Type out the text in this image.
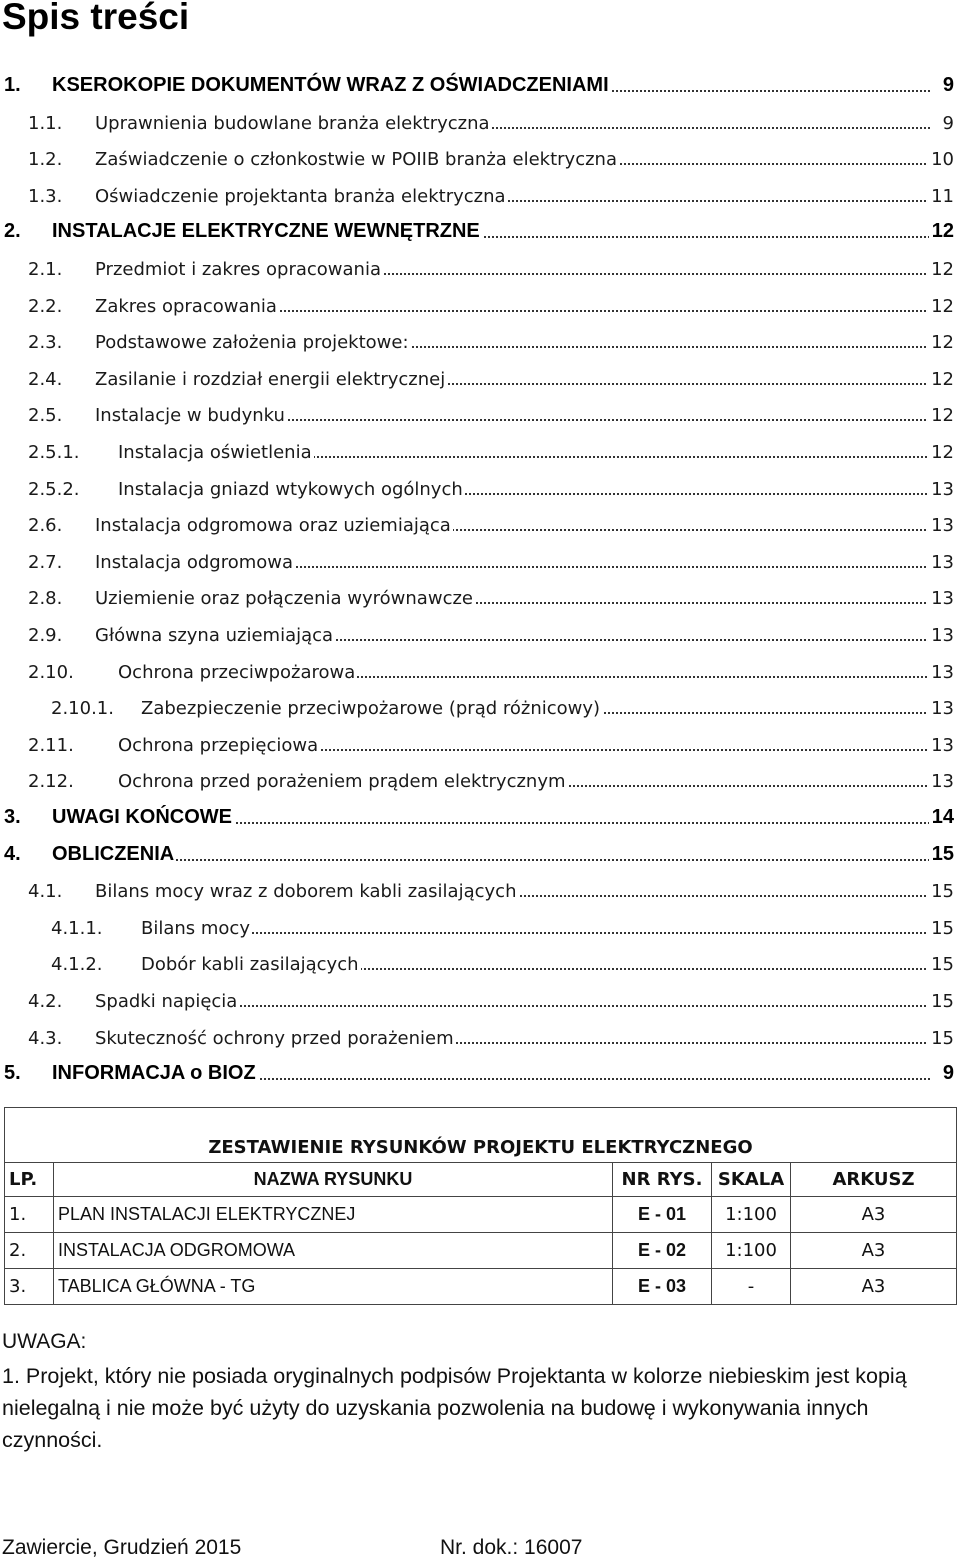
Spis treści
1. KSEROKOPIE DOKUMENTÓW WRAZ Z OŚWIADCZENIAMI	9
1.1. Uprawnienia budowlane branża elektryczna	9
1.2. Zaświadczenie o członkostwie w POIIB branża elektryczna	10
1.3. Oświadczenie projektanta branża elektryczna	11
2. INSTALACJE ELEKTRYCZNE WEWNĘTRZNE	12
2.1. Przedmiot i zakres opracowania	12
2.2. Zakres opracowania	12
2.3. Podstawowe założenia projektowe:	12
2.4. Zasilanie i rozdział energii elektrycznej	12
2.5. Instalacje w budynku	12
2.5.1. Instalacja oświetlenia	12
2.5.2. Instalacja gniazd wtykowych ogólnych	13
2.6. Instalacja odgromowa oraz uziemiająca	13
2.7. Instalacja odgromowa	13
2.8. Uziemienie oraz połączenia wyrównawcze	13
2.9. Główna szyna uziemiająca	13
2.10. Ochrona przeciwpożarowa	13
2.10.1. Zabezpieczenie przeciwpożarowe (prąd różnicowy)	13
2.11. Ochrona przepięciowa	13
2.12. Ochrona przed porażeniem prądem elektrycznym	13
3. UWAGI KOŃCOWE	14
4. OBLICZENIA	15
4.1. Bilans mocy wraz z doborem kabli zasilających	15
4.1.1. Bilans mocy	15
4.1.2. Dobór kabli zasilających	15
4.2. Spadki napięcia	15
4.3. Skuteczność ochrony przed porażeniem	15
5. INFORMACJA o BIOZ	9
ZESTAWIENIE RYSUNKÓW PROJEKTU ELEKTRYCZNEGO				
LP.	NAZWA RYSUNKU	NR RYS.	SKALA	ARKUSZ
1.	PLAN INSTALACJI ELEKTRYCZNEJ	E - 01	1:100	A3
2.	INSTALACJA ODGROMOWA	E - 02	1:100	A3
3.	TABLICA GŁÓWNA - TG	E - 03	-	A3
UWAGA:
1. Projekt, który nie posiada oryginalnych podpisów Projektanta w kolorze niebieskim jest kopią nielegalną i nie może być użyty do uzyskania pozwolenia na budowę i wykonywania innych czynności.
Zawiercie, Grudzień 2015	Nr. dok.: 16007
